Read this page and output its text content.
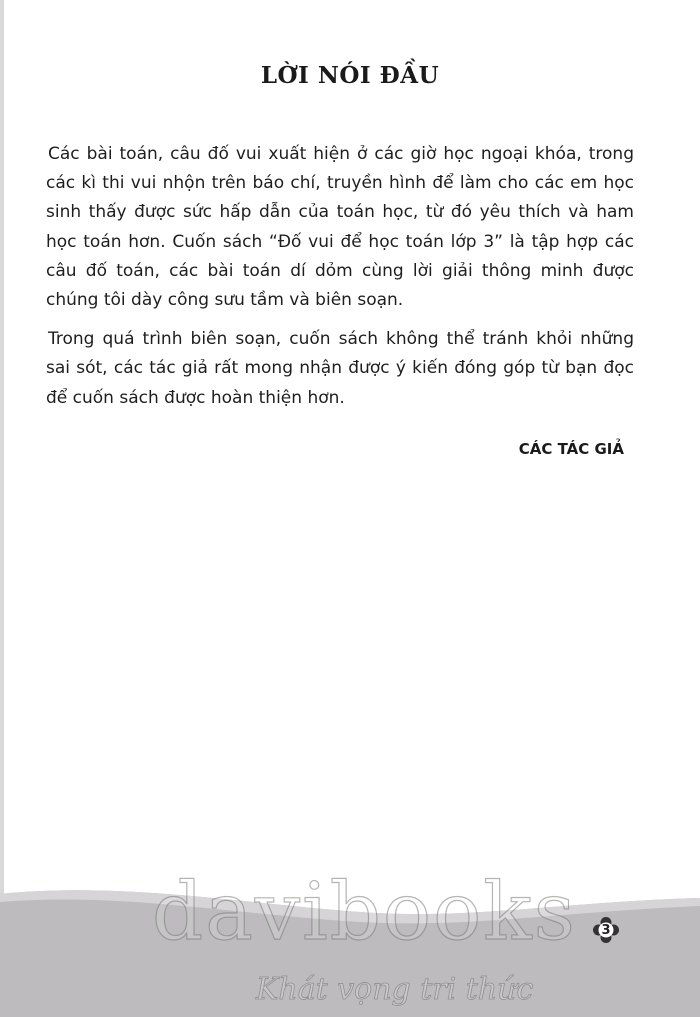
LỜI NÓI ĐẦU

Các bài toán, câu đố vui xuất hiện ở các giờ học ngoại khóa, trong các kì thi vui nhộn trên báo chí, truyền hình để làm cho các em học sinh thấy được sức hấp dẫn của toán học, từ đó yêu thích và ham học toán hơn. Cuốn sách “Đố vui để học toán lớp 3” là tập hợp các câu đố toán, các bài toán dí dỏm cùng lời giải thông minh được chúng tôi dày công sưu tầm và biên soạn.

Trong quá trình biên soạn, cuốn sách không thể tránh khỏi những sai sót, các tác giả rất mong nhận được ý kiến đóng góp từ bạn đọc để cuốn sách được hoàn thiện hơn.

CÁC TÁC GIẢ
davibooks
Khát vọng tri thức
3
